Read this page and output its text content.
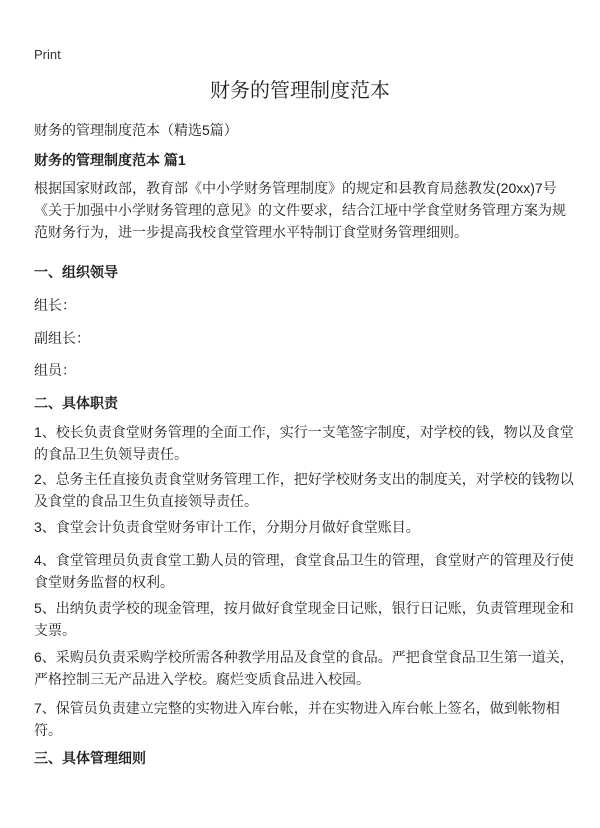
Print
财务的管理制度范本
财务的管理制度范本（精选5篇）
财务的管理制度范本 篇1
根据国家财政部，教育部《中小学财务管理制度》的规定和县教育局慈教发(20xx)7号《关于加强中小学财务管理的意见》的文件要求，结合江垭中学食堂财务管理方案为规范财务行为，进一步提高我校食堂管理水平特制订食堂财务管理细则。
一、组织领导
组长：
副组长：
组员：
二、具体职责
1、校长负责食堂财务管理的全面工作，实行一支笔签字制度，对学校的钱，物以及食堂的食品卫生负领导责任。
2、总务主任直接负责食堂财务管理工作，把好学校财务支出的制度关，对学校的钱物以及食堂的食品卫生负直接领导责任。
3、食堂会计负责食堂财务审计工作，分期分月做好食堂账目。
4、食堂管理员负责食堂工勤人员的管理，食堂食品卫生的管理，食堂财产的管理及行使食堂财务监督的权利。
5、出纳负责学校的现金管理，按月做好食堂现金日记账，银行日记账，负责管理现金和支票。
6、采购员负责采购学校所需各种教学用品及食堂的食品。严把食堂食品卫生第一道关，严格控制三无产品进入学校。腐烂变质食品进入校园。
7、保管员负责建立完整的实物进入库台帐，并在实物进入库台帐上签名，做到帐物相符。
三、具体管理细则
